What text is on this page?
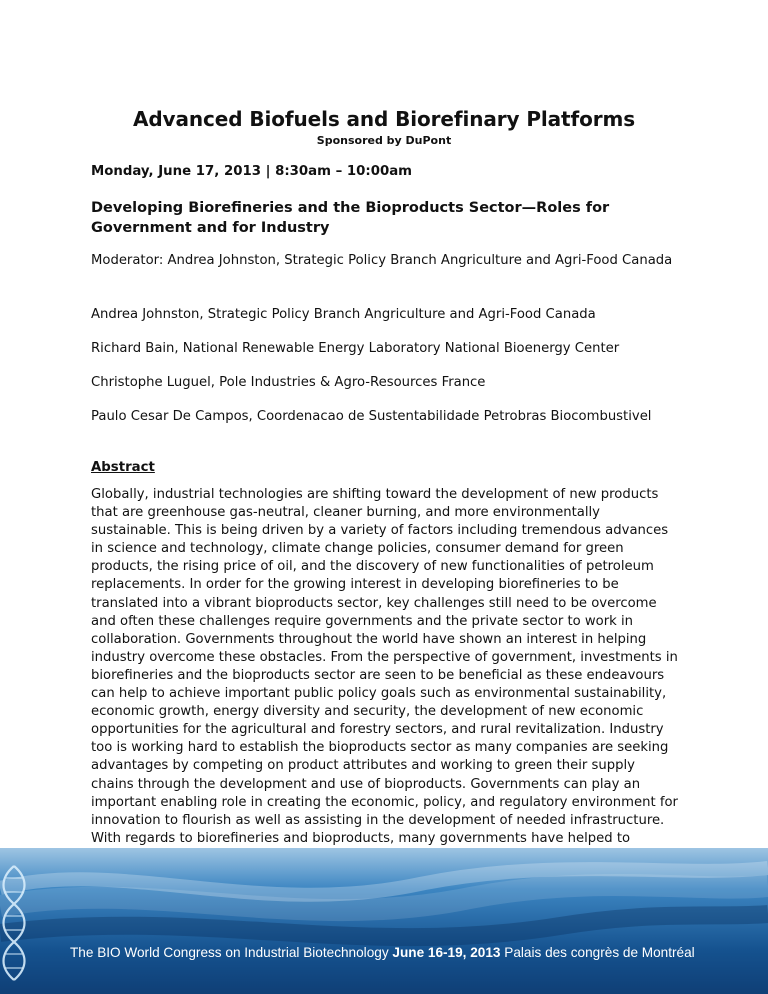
Advanced Biofuels and Biorefinary Platforms
Sponsored by DuPont
Monday, June 17, 2013 | 8:30am – 10:00am
Developing Biorefineries and the Bioproducts Sector—Roles for Government and for Industry
Moderator: Andrea Johnston, Strategic Policy Branch Angriculture and Agri-Food Canada
Andrea Johnston, Strategic Policy Branch Angriculture and Agri-Food Canada
Richard Bain, National Renewable Energy Laboratory National Bioenergy Center
Christophe Luguel, Pole Industries & Agro-Resources France
Paulo Cesar De Campos, Coordenacao de Sustentabilidade Petrobras Biocombustivel
Abstract
Globally, industrial technologies are shifting toward the development of new products that are greenhouse gas-neutral, cleaner burning, and more environmentally sustainable. This is being driven by a variety of factors including tremendous advances in science and technology, climate change policies, consumer demand for green products, the rising price of oil, and the discovery of new functionalities of petroleum replacements. In order for the growing interest in developing biorefineries to be translated into a vibrant bioproducts sector, key challenges still need to be overcome and often these challenges require governments and the private sector to work in collaboration. Governments throughout the world have shown an interest in helping industry overcome these obstacles. From the perspective of government, investments in biorefineries and the bioproducts sector are seen to be beneficial as these endeavours can help to achieve important public policy goals such as environmental sustainability, economic growth, energy diversity and security, the development of new economic opportunities for the agricultural and forestry sectors, and rural revitalization. Industry too is working hard to establish the bioproducts sector as many companies are seeking advantages by competing on product attributes and working to green their supply chains through the development and use of bioproducts. Governments can play an important enabling role in creating the economic, policy, and regulatory environment for innovation to flourish as well as assisting in the development of needed infrastructure. With regards to biorefineries and bioproducts, many governments have helped to
The BIO World Congress on Industrial Biotechnology June 16-19, 2013 Palais des congrès de Montréal
